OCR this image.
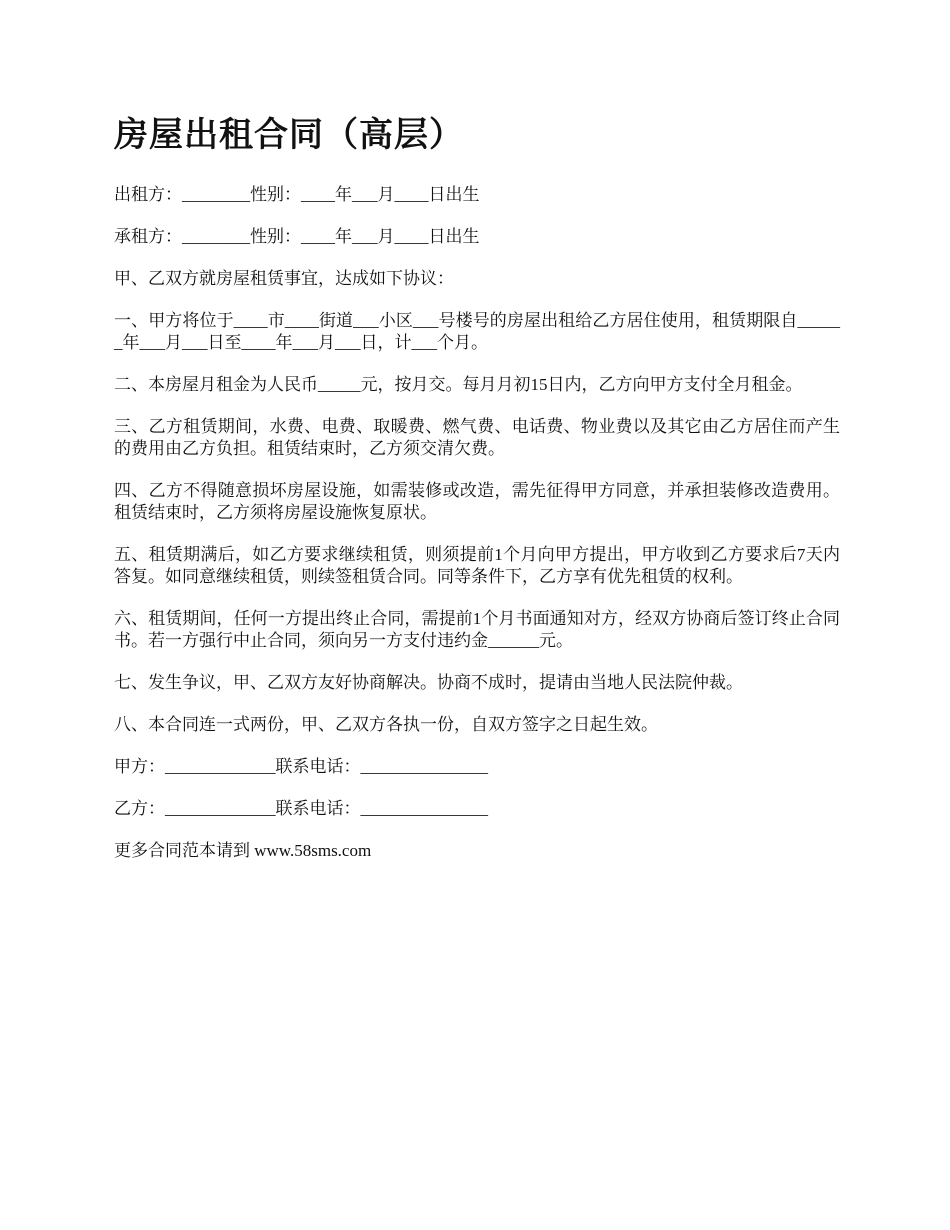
房屋出租合同（高层）

出租方：________性别：____年___月____日出生

承租方：________性别：____年___月____日出生

甲、乙双方就房屋租赁事宜，达成如下协议：

一、甲方将位于____市____街道___小区___号楼号的房屋出租给乙方居住使用，租赁期限自______年___月___日至____年___月___日，计___个月。

二、本房屋月租金为人民币_____元，按月交。每月月初15日内，乙方向甲方支付全月租金。

三、乙方租赁期间，水费、电费、取暖费、燃气费、电话费、物业费以及其它由乙方居住而产生的费用由乙方负担。租赁结束时，乙方须交清欠费。

四、乙方不得随意损坏房屋设施，如需装修或改造，需先征得甲方同意，并承担装修改造费用。租赁结束时，乙方须将房屋设施恢复原状。

五、租赁期满后，如乙方要求继续租赁，则须提前1个月向甲方提出，甲方收到乙方要求后7天内答复。如同意继续租赁，则续签租赁合同。同等条件下，乙方享有优先租赁的权利。

六、租赁期间，任何一方提出终止合同，需提前1个月书面通知对方，经双方协商后签订终止合同书。若一方强行中止合同，须向另一方支付违约金______元。

七、发生争议，甲、乙双方友好协商解决。协商不成时，提请由当地人民法院仲裁。

八、本合同连一式两份，甲、乙双方各执一份，自双方签字之日起生效。

甲方：_____________联系电话：_______________

乙方：_____________联系电话：_______________

更多合同范本请到 www.58sms.com
